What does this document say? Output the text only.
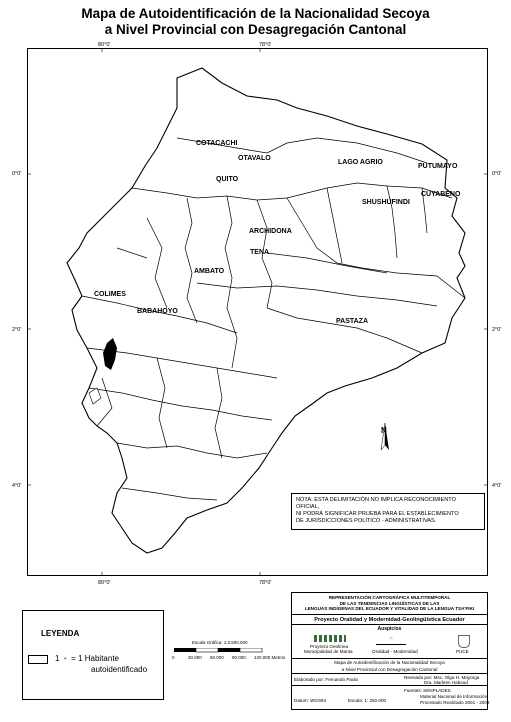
Mapa de Autoidentificación de la Nacionalidad Secoya
a Nivel Provincial con Desagregación Cantonal
80°0'	78°0'
80°0'	78°0'
0°0'
2°0'
4°0'
0°0'
2°0'
4°0'
N
COTACACHI
OTAVALO
QUITO
LAGO AGRIO
PUTUMAYO
CUYABENO
SHUSHUFINDI
ARCHIDONA
TENA
AMBATO
COLIMES
BABAHOYO
PASTAZA
NOTA: ESTA DELIMITACIÓN NO IMPLICA RECONOCIMIENTO OFICIAL,
NI PODRÁ SIGNIFICAR PRUEBA PARA EL ESTABLECIMIENTO
DE JURISDICCIONES POLÍTICO - ADMINISTRATIVAS.
LEYENDA
1 • = 1 Habitante
autoidentificado
Escala Gráfica: 1:3.500.000
0	30.000 60.000 90.000 120.000 Metros
REPRESENTACIÓN CARTOGRÁFICA MULTITEMPORAL
DE LAS TENDENCIAS LINGÜÍSTICAS DE LAS
LENGUAS INDÍGENAS DEL ECUADOR Y VITALIDAD DE LA LENGUA TSA'FIKI
Proyecto Oralidad y Modernidad-Geolingüística Ecuador
Auspicios
Proyecto Geolínea
Municipalidad de Manta
~
Oralidad - Modernidad	PUCE
Mapa de Autoidentificación de la Nacionalidad Secoya
a Nivel Provincial con Desagregación Cantonal
Elaborado por: Fernando Paulo	Revisado por: Msc. Olga H. Mayorga
Dra. Marleen Haboud
Datum: WGS84	Escala: 1: 250.000
Fuentes: SENPLADES
Material Nacional de Información
Procesado Realizado 2001 - 2003
